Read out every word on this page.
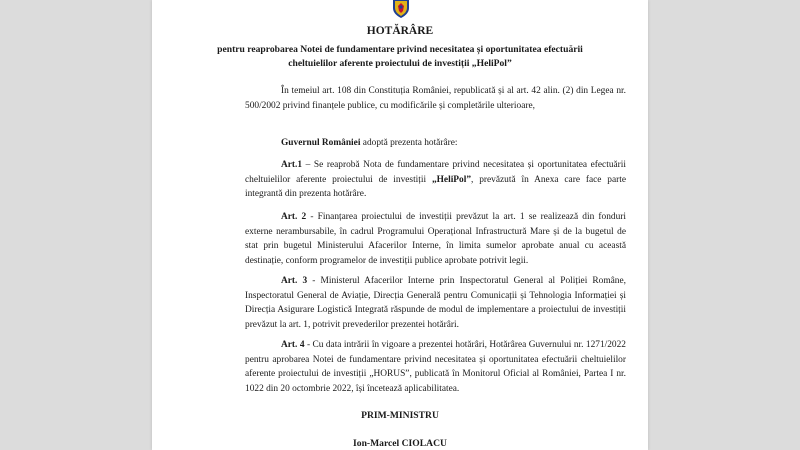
HOTĂRÂRE
pentru reaprobarea Notei de fundamentare privind necesitatea și oportunitatea efectuării
cheltuielilor aferente proiectului de investiții „HeliPol”
În temeiul art. 108 din Constituția României, republicată și al art. 42 alin. (2) din Legea nr. 500/2002 privind finanțele publice, cu modificările și completările ulterioare,
Guvernul României adoptă prezenta hotărâre:
Art.1 – Se reaprobă Nota de fundamentare privind necesitatea și oportunitatea efectuării cheltuielilor aferente proiectului de investiții „HeliPol”, prevăzută în Anexa care face parte integrantă din prezenta hotărâre.
Art. 2 - Finanțarea proiectului de investiții prevăzut la art. 1 se realizează din fonduri externe nerambursabile, în cadrul Programului Operațional Infrastructură Mare și de la bugetul de stat prin bugetul Ministerului Afacerilor Interne, în limita sumelor aprobate anual cu această destinație, conform programelor de investiții publice aprobate potrivit legii.
Art. 3 - Ministerul Afacerilor Interne prin Inspectoratul General al Poliției Române, Inspectoratul General de Aviație, Direcția Generală pentru Comunicații și Tehnologia Informației și Direcția Asigurare Logistică Integrată răspunde de modul de implementare a proiectului de investiții prevăzut la art. 1, potrivit prevederilor prezentei hotărâri.
Art. 4 - Cu data intrării în vigoare a prezentei hotărâri, Hotărârea Guvernului nr. 1271/2022 pentru aprobarea Notei de fundamentare privind necesitatea și oportunitatea efectuării cheltuielilor aferente proiectului de investiții „HORUS”, publicată în Monitorul Oficial al României, Partea I nr. 1022 din 20 octombrie 2022, își încetează aplicabilitatea.
PRIM-MINISTRU
Ion-Marcel CIOLACU
